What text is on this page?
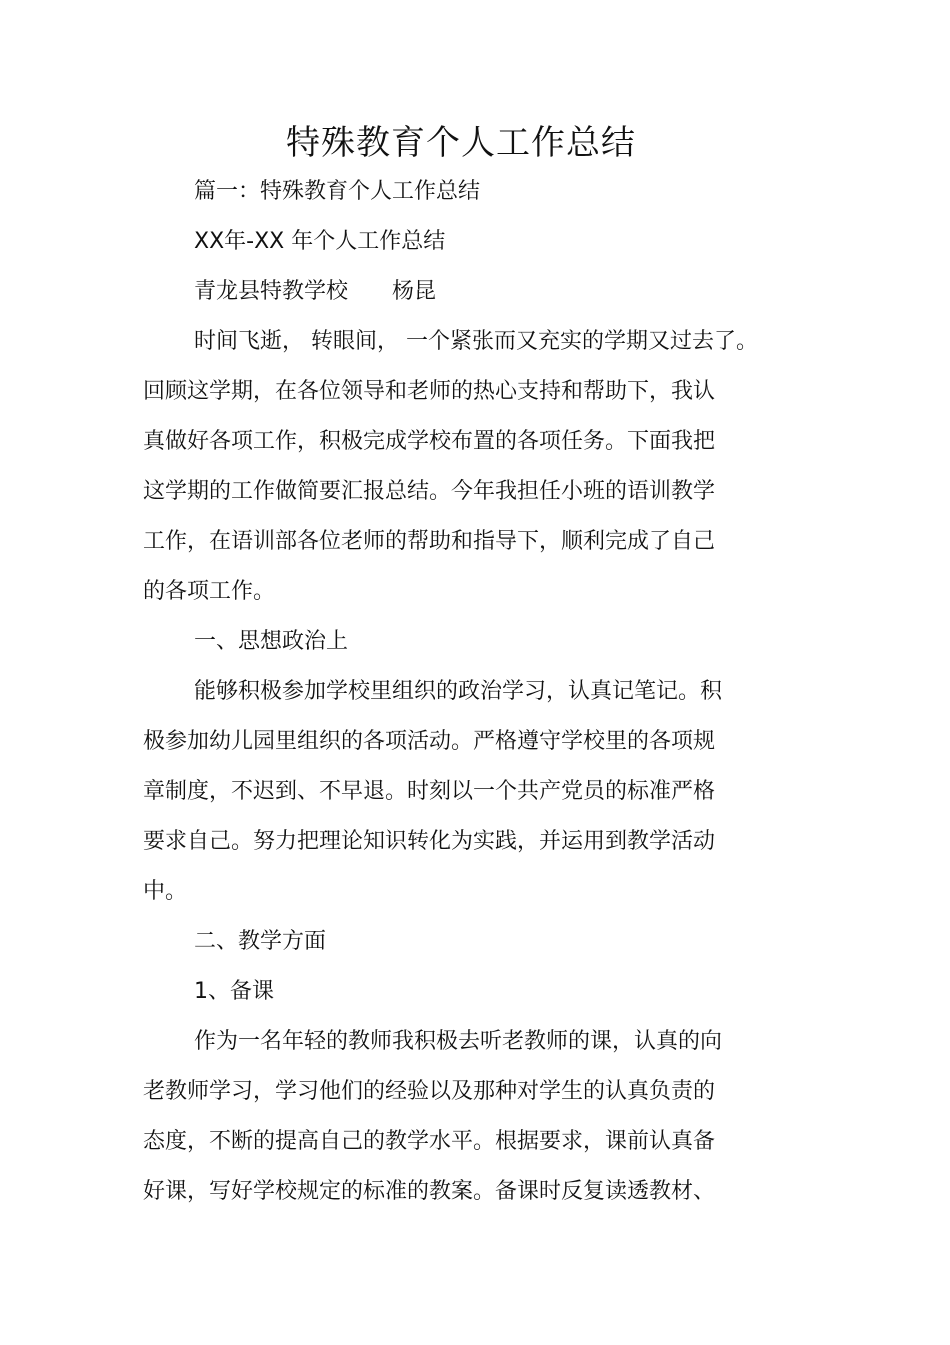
特殊教育个人工作总结
篇一：特殊教育个人工作总结
XX年-XX 年个人工作总结
青龙县特教学校　　杨昆
时间飞逝， 转眼间， 一个紧张而又充实的学期又过去了。
回顾这学期，在各位领导和老师的热心支持和帮助下，我认
真做好各项工作，积极完成学校布置的各项任务。下面我把
这学期的工作做简要汇报总结。今年我担任小班的语训教学
工作，在语训部各位老师的帮助和指导下，顺利完成了自己
的各项工作。
一、思想政治上
能够积极参加学校里组织的政治学习，认真记笔记。积
极参加幼儿园里组织的各项活动。严格遵守学校里的各项规
章制度，不迟到、不早退。时刻以一个共产党员的标准严格
要求自己。努力把理论知识转化为实践，并运用到教学活动
中。
二、教学方面
1、备课
作为一名年轻的教师我积极去听老教师的课，认真的向
老教师学习，学习他们的经验以及那种对学生的认真负责的
态度，不断的提高自己的教学水平。根据要求，课前认真备
好课，写好学校规定的标准的教案。备课时反复读透教材、
